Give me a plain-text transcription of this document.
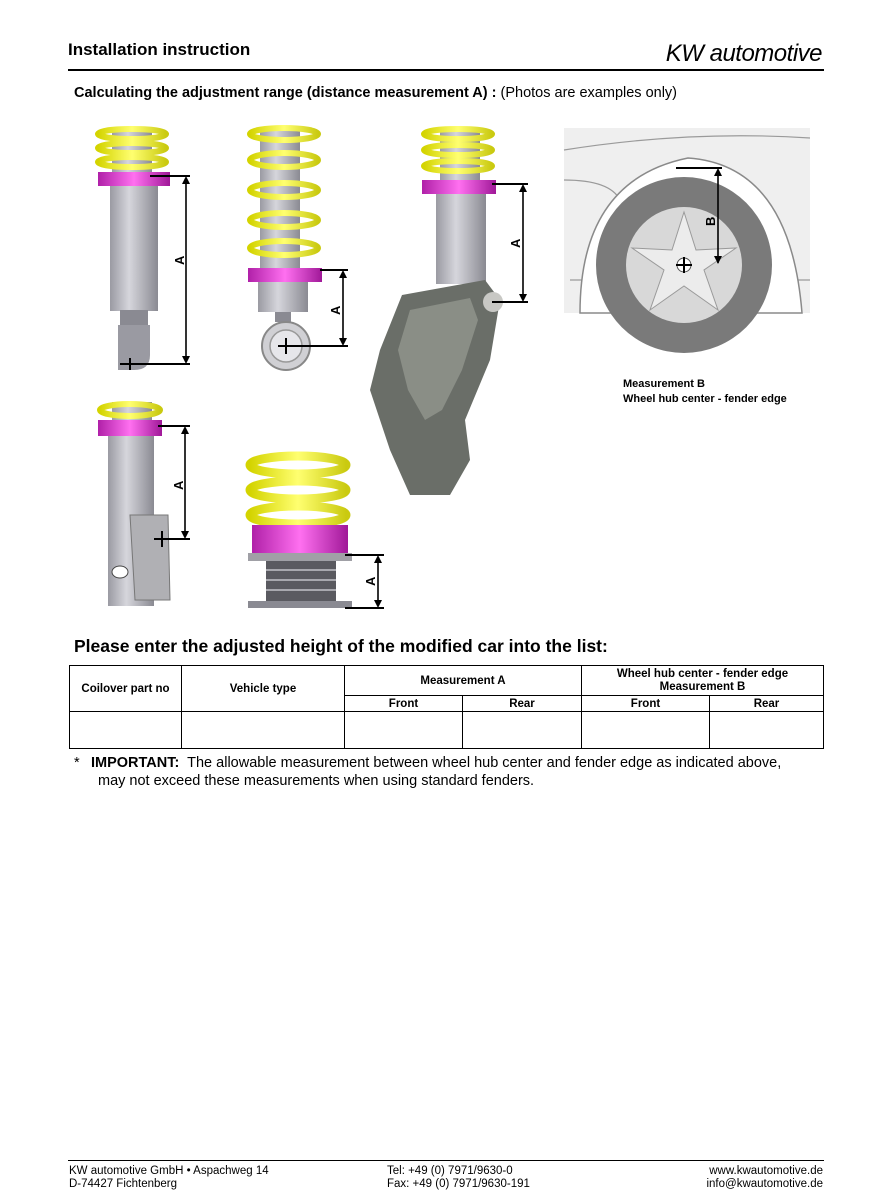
Installation instruction	KW automotive
Calculating the adjustment range (distance measurement A) : (Photos are examples only)
A
A
A
B
A
A
Measurement B
Wheel hub center - fender edge
Please enter the adjusted height of the modified car into the list:
Coilover part no	Vehicle type	Measurement A		Wheel hub center - fender edge
Measurement B	

		Front	Rear	Front	Rear

* IMPORTANT: The allowable measurement between wheel hub center and fender edge as indicated above,
may not exceed these measurements when using standard fenders.
KW automotive GmbH • Aspachweg 14
D-74427 Fichtenberg
Tel: +49 (0) 7971/9630-0
Fax: +49 (0) 7971/9630-191
www.kwautomotive.de
info@kwautomotive.de
